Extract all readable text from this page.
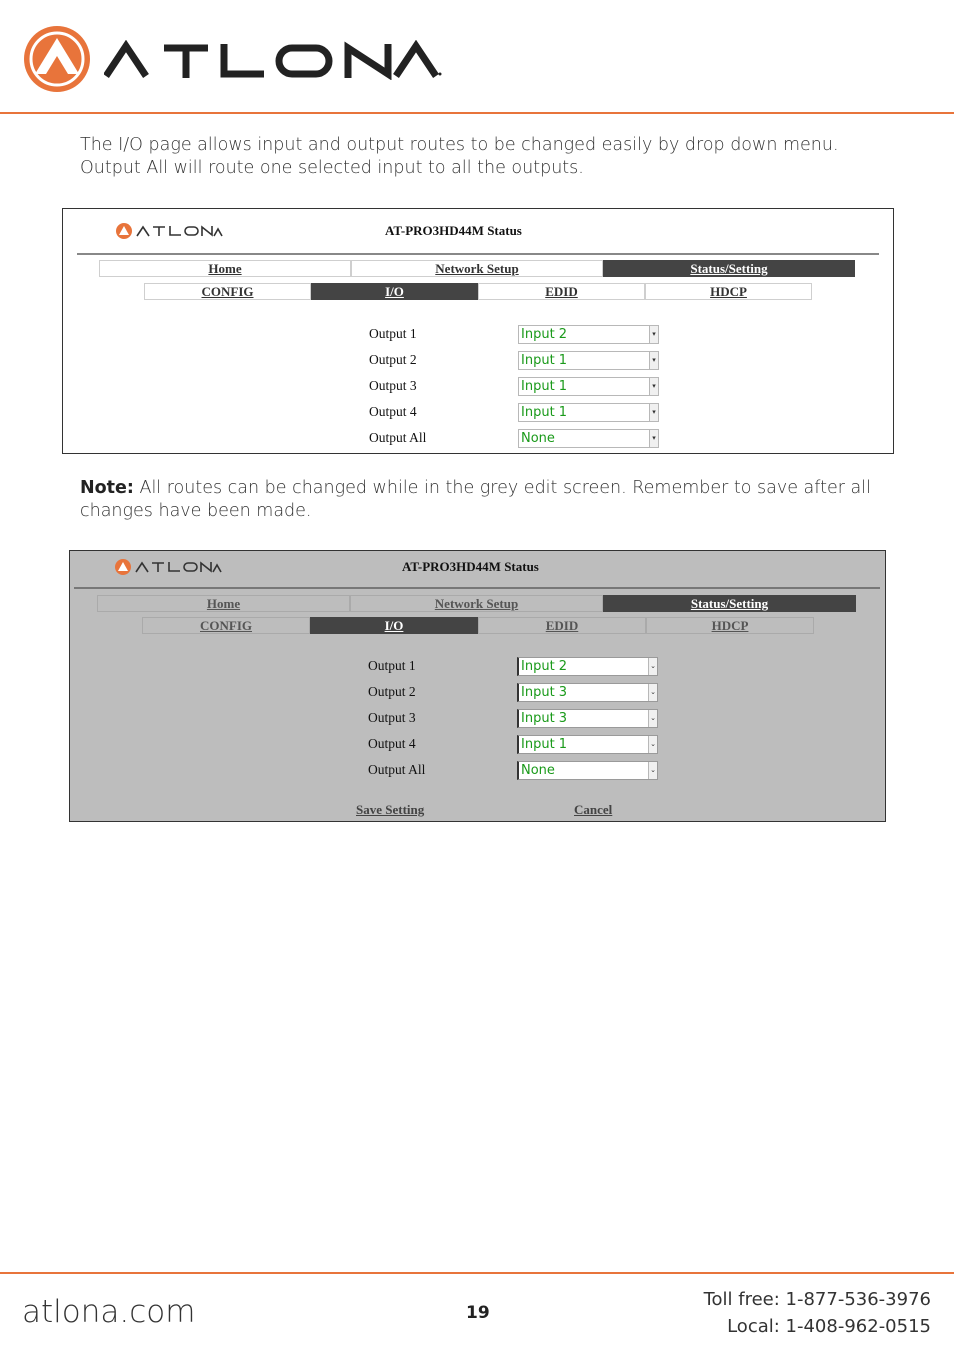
The I/O page allows input and output routes to be changed easily by drop down menu. Output All will route one selected input to all the outputs.
AT-PRO3HD44M Status
Home	Network Setup	Status/Setting
CONFIG	I/O	EDID	HDCP
Output 1	Input 2	▾
Output 2	Input 1	▾
Output 3	Input 1	▾
Output 4	Input 1	▾
Output All	None	▾
Note: All routes can be changed while in the grey edit screen. Remember to save after all changes have been made.
AT-PRO3HD44M Status
Home	Network Setup	Status/Setting
CONFIG	I/O	EDID	HDCP
Output 1	Input 2	⌄
Output 2	Input 3	⌄
Output 3	Input 3	⌄
Output 4	Input 1	⌄
Output All	None	⌄
Save Setting	Cancel
atlona.com	19
Toll free: 1-877-536-3976
Local: 1-408-962-0515
